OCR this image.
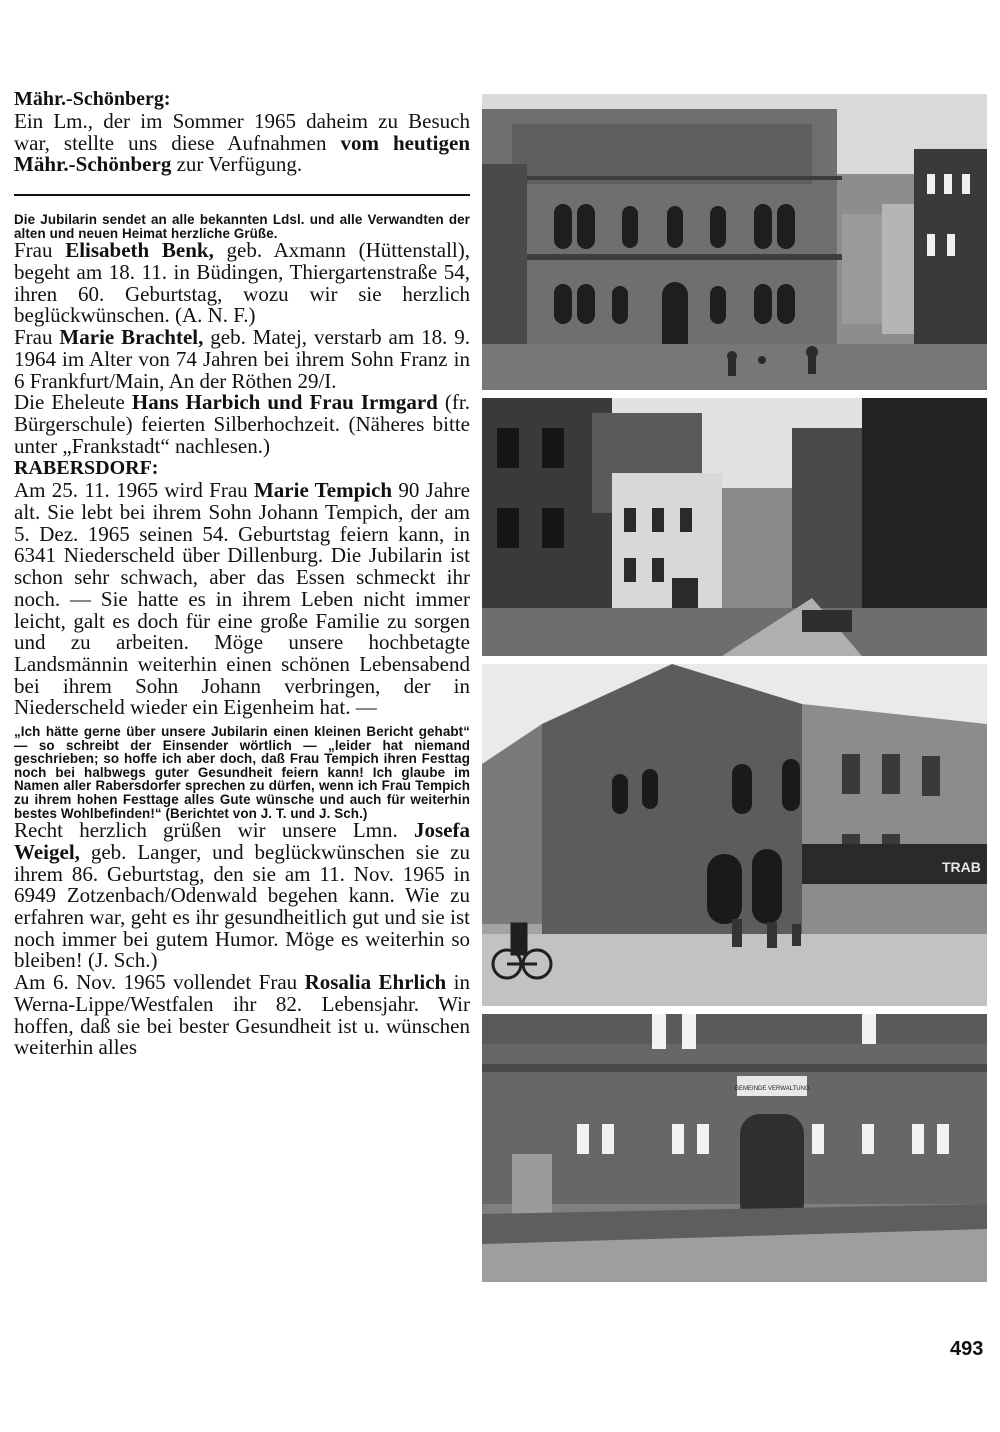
Mähr.-Schönberg:

Ein Lm., der im Sommer 1965 daheim zu Besuch war, stellte uns diese Aufnahmen vom heutigen Mähr.-Schönberg zur Verfügung.

Die Jubilarin sendet an alle bekannten Ldsl. und alle Verwandten der alten und neuen Heimat herzliche Grüße.

Frau Elisabeth Benk, geb. Axmann (Hüttenstall), begeht am 18. 11. in Büdingen, Thiergartenstraße 54, ihren 60. Geburtstag, wozu wir sie herzlich beglückwünschen. (A. N. F.)

Frau Marie Brachtel, geb. Matej, verstarb am 18. 9. 1964 im Alter von 74 Jahren bei ihrem Sohn Franz in 6 Frankfurt/Main, An der Röthen 29/I.

Die Eheleute Hans Harbich und Frau Irmgard (fr. Bürgerschule) feierten Silberhochzeit. (Näheres bitte unter „Frankstadt“ nachlesen.)

RABERSDORF:

Am 25. 11. 1965 wird Frau Marie Tempich 90 Jahre alt. Sie lebt bei ihrem Sohn Johann Tempich, der am 5. Dez. 1965 seinen 54. Geburtstag feiern kann, in 6341 Niederscheld über Dillenburg. Die Jubilarin ist schon sehr schwach, aber das Essen schmeckt ihr noch. — Sie hatte es in ihrem Leben nicht immer leicht, galt es doch für eine große Familie zu sorgen und zu arbeiten. Möge unsere hochbetagte Landsmännin weiterhin einen schönen Lebensabend bei ihrem Sohn Johann verbringen, der in Niederscheld wieder ein Eigenheim hat. —

„Ich hätte gerne über unsere Jubilarin einen kleinen Bericht gehabt“ — so schreibt der Einsender wörtlich — „leider hat niemand geschrieben; so hoffe ich aber doch, daß Frau Tempich ihren Festtag noch bei halbwegs guter Gesundheit feiern kann! Ich glaube im Namen aller Rabersdorfer sprechen zu dürfen, wenn ich Frau Tempich zu ihrem hohen Festtage alles Gute wünsche und auch für weiterhin bestes Wohlbefinden!“ (Berichtet von J. T. und J. Sch.)

Recht herzlich grüßen wir unsere Lmn. Josefa Weigel, geb. Langer, und beglückwünschen sie zu ihrem 86. Geburtstag, den sie am 11. Nov. 1965 in 6949 Zotzenbach/Odenwald begehen kann. Wie zu erfahren war, geht es ihr gesundheitlich gut und sie ist noch immer bei gutem Humor. Möge es weiterhin so bleiben! (J. Sch.)

Am 6. Nov. 1965 vollendet Frau Rosalia Ehrlich in Werna-Lippe/Westfalen ihr 82. Lebensjahr. Wir hoffen, daß sie bei bester Gesundheit ist u. wünschen weiterhin alles

TRAB
GEMEINDE VERWALTUNG
493
